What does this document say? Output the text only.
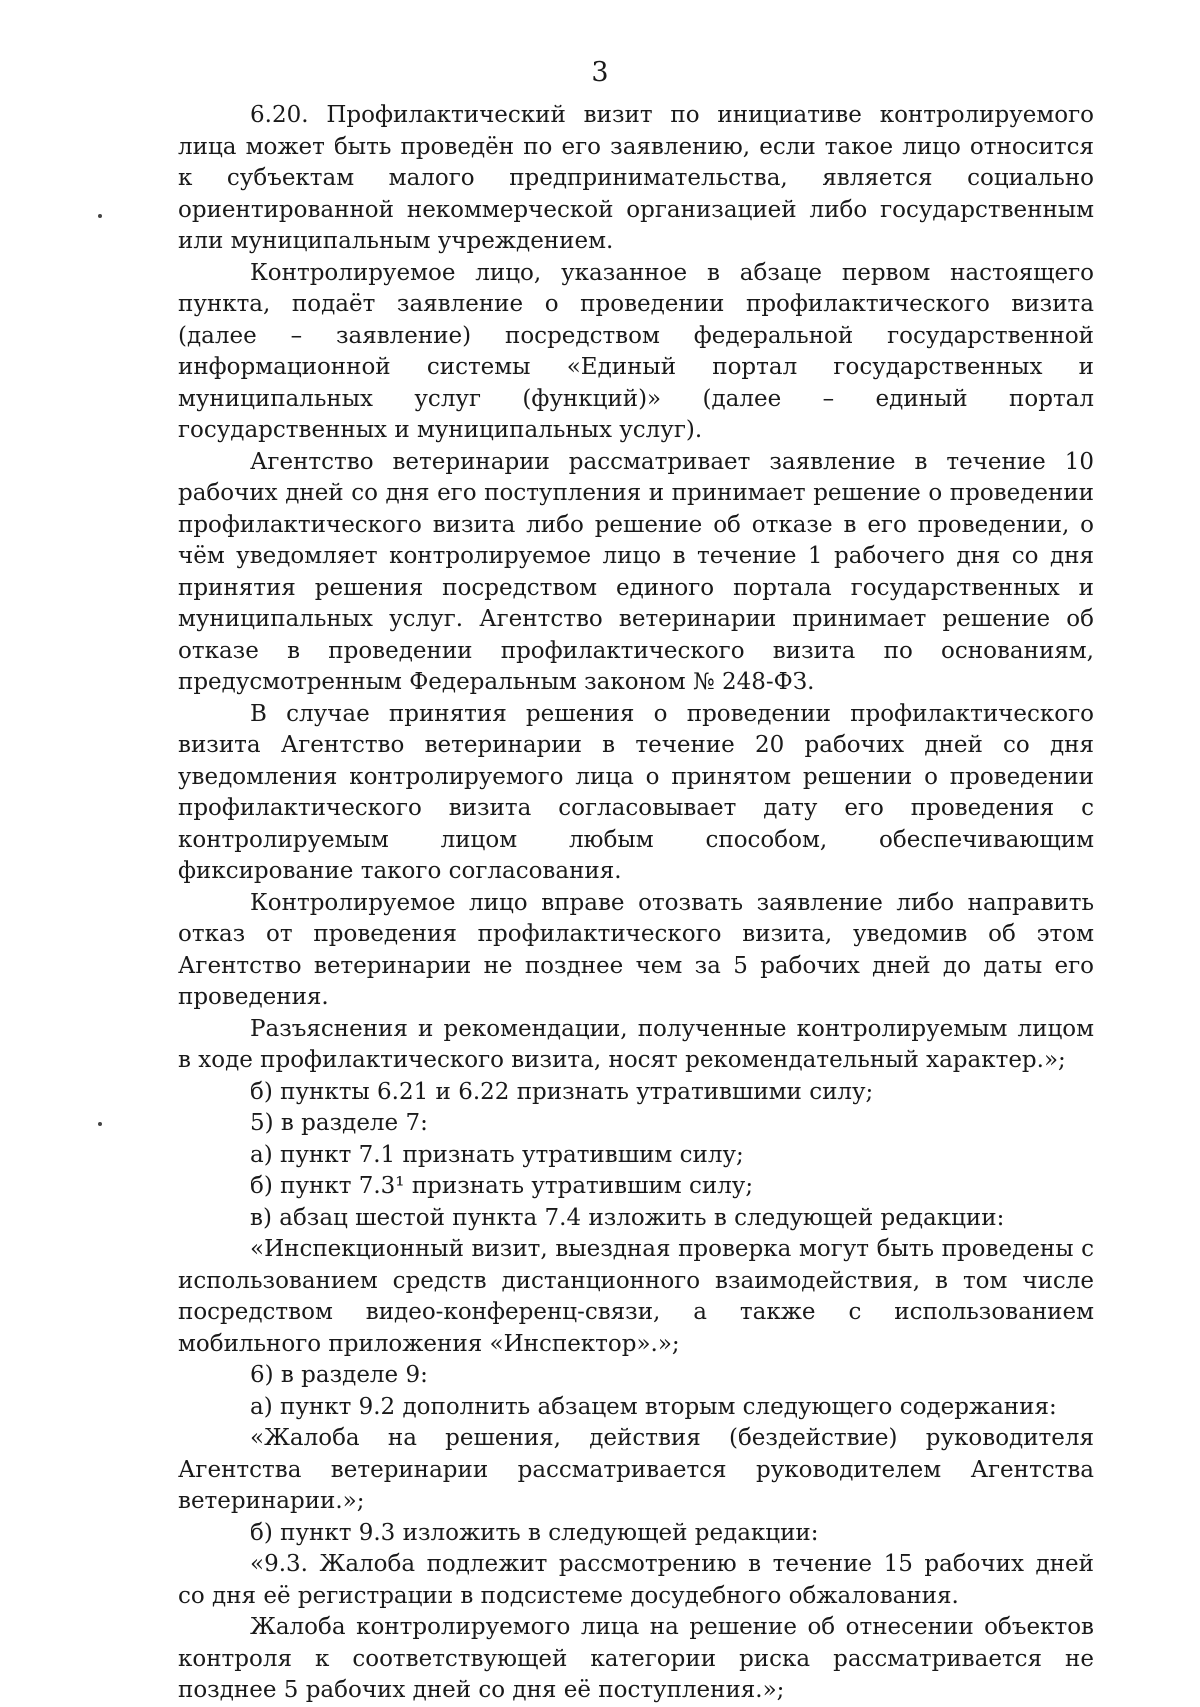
3

6.20. Профилактический визит по инициативе контролируемого лица может быть проведён по его заявлению, если такое лицо относится к субъектам малого предпринимательства, является социально ориентированной некоммерческой организацией либо государственным или муниципальным учреждением.

Контролируемое лицо, указанное в абзаце первом настоящего пункта, подаёт заявление о проведении профилактического визита (далее – заявление) посредством федеральной государственной информационной системы «Единый портал государственных и муниципальных услуг (функций)» (далее – единый портал государственных и муниципальных услуг).

Агентство ветеринарии рассматривает заявление в течение 10 рабочих дней со дня его поступления и принимает решение о проведении профилактического визита либо решение об отказе в его проведении, о чём уведомляет контролируемое лицо в течение 1 рабочего дня со дня принятия решения посредством единого портала государственных и муниципальных услуг. Агентство ветеринарии принимает решение об отказе в проведении профилактического визита по основаниям, предусмотренным Федеральным законом № 248-ФЗ.

В случае принятия решения о проведении профилактического визита Агентство ветеринарии в течение 20 рабочих дней со дня уведомления контролируемого лица о принятом решении о проведении профилактического визита согласовывает дату его проведения с контролируемым лицом любым способом, обеспечивающим фиксирование такого согласования.

Контролируемое лицо вправе отозвать заявление либо направить отказ от проведения профилактического визита, уведомив об этом Агентство ветеринарии не позднее чем за 5 рабочих дней до даты его проведения.

Разъяснения и рекомендации, полученные контролируемым лицом в ходе профилактического визита, носят рекомендательный характер.»;

б) пункты 6.21 и 6.22 признать утратившими силу;

5) в разделе 7:

а) пункт 7.1 признать утратившим силу;

б) пункт 7.3¹ признать утратившим силу;

в) абзац шестой пункта 7.4 изложить в следующей редакции:

«Инспекционный визит, выездная проверка могут быть проведены с использованием средств дистанционного взаимодействия, в том числе посредством видео-конференц-связи, а также с использованием мобильного приложения «Инспектор».»;

6) в разделе 9:

а) пункт 9.2 дополнить абзацем вторым следующего содержания:

«Жалоба на решения, действия (бездействие) руководителя Агентства ветеринарии рассматривается руководителем Агентства ветеринарии.»;

б) пункт 9.3 изложить в следующей редакции:

«9.3. Жалоба подлежит рассмотрению в течение 15 рабочих дней со дня её регистрации в подсистеме досудебного обжалования.

Жалоба контролируемого лица на решение об отнесении объектов контроля к соответствующей категории риска рассматривается не позднее 5 рабочих дней со дня её поступления.»;
